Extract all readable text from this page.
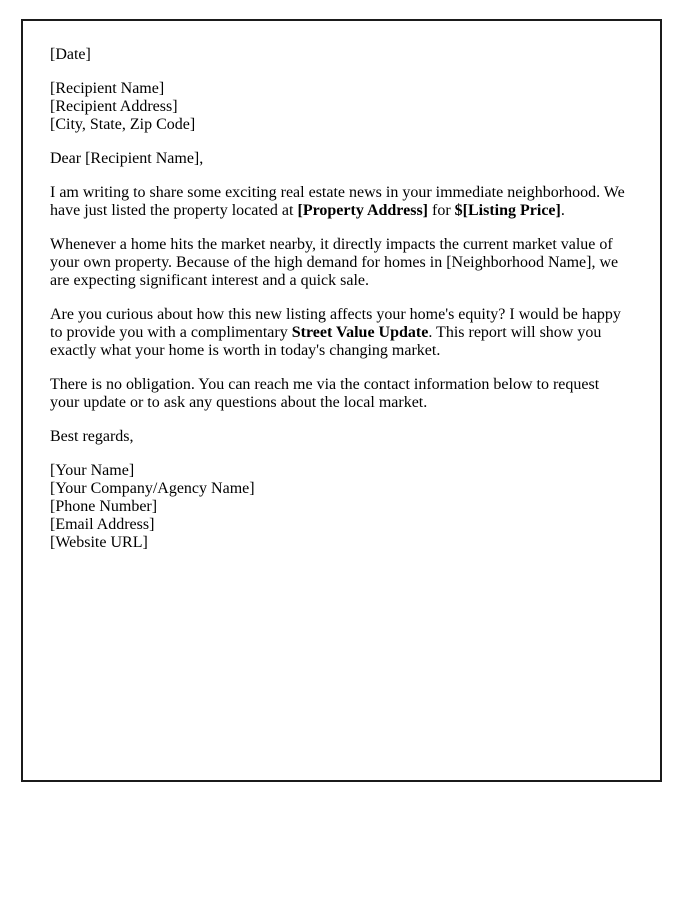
[Date]

[Recipient Name]
[Recipient Address]
[City, State, Zip Code]

Dear [Recipient Name],

I am writing to share some exciting real estate news in your immediate neighborhood. We have just listed the property located at [Property Address] for $[Listing Price].

Whenever a home hits the market nearby, it directly impacts the current market value of your own property. Because of the high demand for homes in [Neighborhood Name], we are expecting significant interest and a quick sale.

Are you curious about how this new listing affects your home's equity? I would be happy to provide you with a complimentary Street Value Update. This report will show you exactly what your home is worth in today's changing market.

There is no obligation. You can reach me via the contact information below to request your update or to ask any questions about the local market.

Best regards,

[Your Name]
[Your Company/Agency Name]
[Phone Number]
[Email Address]
[Website URL]
